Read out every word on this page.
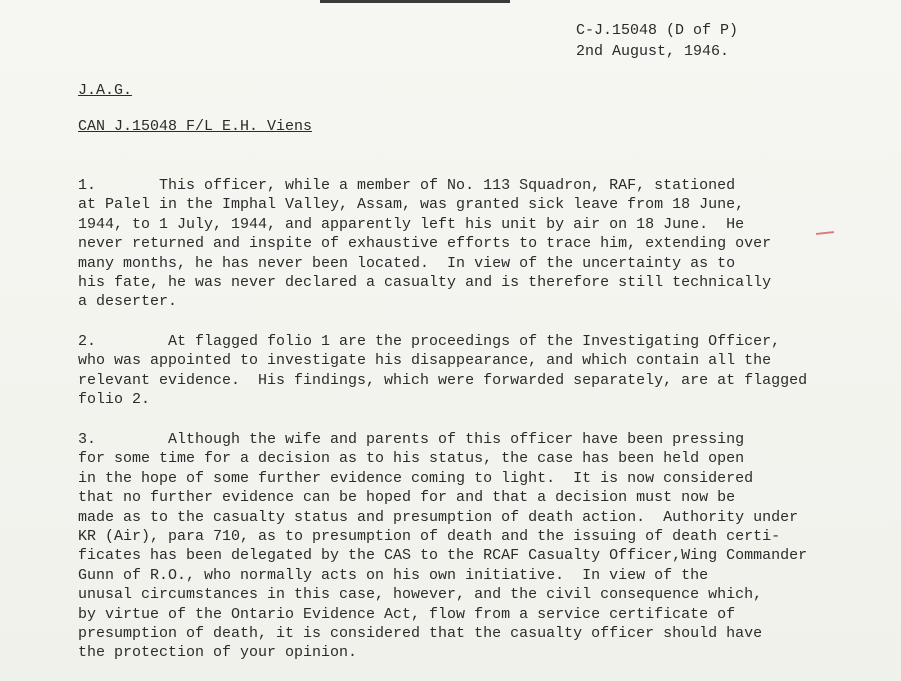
C-J.15048 (D of P)
2nd August, 1946.
J.A.G.
CAN J.15048 F/L E.H. Viens
1.       This officer, while a member of No. 113 Squadron, RAF, stationed
at Palel in the Imphal Valley, Assam, was granted sick leave from 18 June,
1944, to 1 July, 1944, and apparently left his unit by air on 18 June.  He
never returned and inspite of exhaustive efforts to trace him, extending over
many months, he has never been located.  In view of the uncertainty as to
his fate, he was never declared a casualty and is therefore still technically
a deserter.
2.        At flagged folio 1 are the proceedings of the Investigating Officer,
who was appointed to investigate his disappearance, and which contain all the
relevant evidence.  His findings, which were forwarded separately, are at flagged
folio 2.
3.        Although the wife and parents of this officer have been pressing
for some time for a decision as to his status, the case has been held open
in the hope of some further evidence coming to light.  It is now considered
that no further evidence can be hoped for and that a decision must now be
made as to the casualty status and presumption of death action.  Authority under
KR (Air), para 710, as to presumption of death and the issuing of death certi-
ficates has been delegated by the CAS to the RCAF Casualty Officer,Wing Commander
Gunn of R.O., who normally acts on his own initiative.  In view of the
unusal circumstances in this case, however, and the civil consequence which,
by virtue of the Ontario Evidence Act, flow from a service certificate of
presumption of death, it is considered that the casualty officer should have
the protection of your opinion.
